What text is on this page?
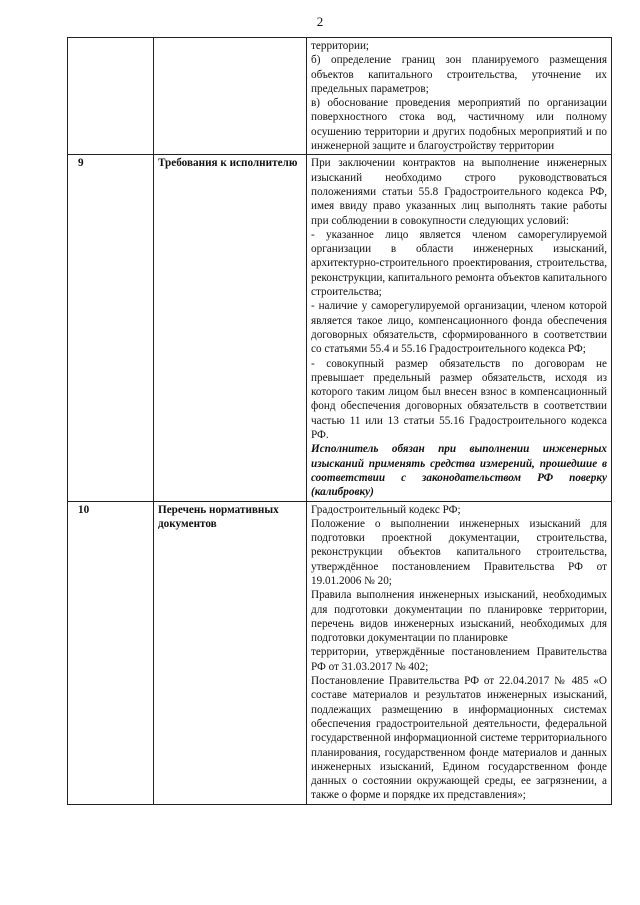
2

		территории;

б) определение границ зон планируемого размещения объектов капитального строительства, уточнение их предельных параметров;

в) обоснование проведения мероприятий по организации поверхностного стока вод, частичному или полному осушению территории и других подобных мероприятий и по инженерной защите и благоустройству территории

9	Требования к исполнителю	При заключении контрактов на выполнение инженерных изысканий необходимо строго руководствоваться положениями статьи 55.8 Градостроительного кодекса РФ, имея ввиду право указанных лиц выполнять такие работы при соблюдении в совокупности следующих условий:

- указанное лицо является членом саморегулируемой организации в области инженерных изысканий, архитектурно-строительного проектирования, строительства, реконструкции, капитального ремонта объектов капитального строительства;

- наличие у саморегулируемой организации, членом которой является такое лицо, компенсационного фонда обеспечения договорных обязательств, сформированного в соответствии со статьями 55.4 и 55.16 Градостроительного кодекса РФ;

- совокупный размер обязательств по договорам не превышает предельный размер обязательств, исходя из которого таким лицом был внесен взнос в компенсационный фонд обеспечения договорных обязательств в соответствии частью 11 или 13 статьи 55.16 Градостроительного кодекса РФ.

Исполнитель обязан при выполнении инженерных изысканий применять средства измерений, прошедшие в соответствии с законодательством РФ поверку (калибровку)

10	Перечень нормативных документов	Градостроительный кодекс РФ;

Положение о выполнении инженерных изысканий для подготовки проектной документации, строительства, реконструкции объектов капитального строительства, утверждённое постановлением Правительства РФ от 19.01.2006 № 20;

Правила выполнения инженерных изысканий, необходимых для подготовки документации по планировке территории, перечень видов инженерных изысканий, необходимых для подготовки документации по планировке

территории, утверждённые постановлением Правительства РФ от 31.03.2017 № 402;

Постановление Правительства РФ от 22.04.2017 № 485 «О составе материалов и результатов инженерных изысканий, подлежащих размещению в информационных системах обеспечения градостроительной деятельности, федеральной государственной информационной системе территориального планирования, государственном фонде материалов и данных инженерных изысканий, Едином государственном фонде данных о состоянии окружающей среды, ее загрязнении, а также о форме и порядке их представления»;
